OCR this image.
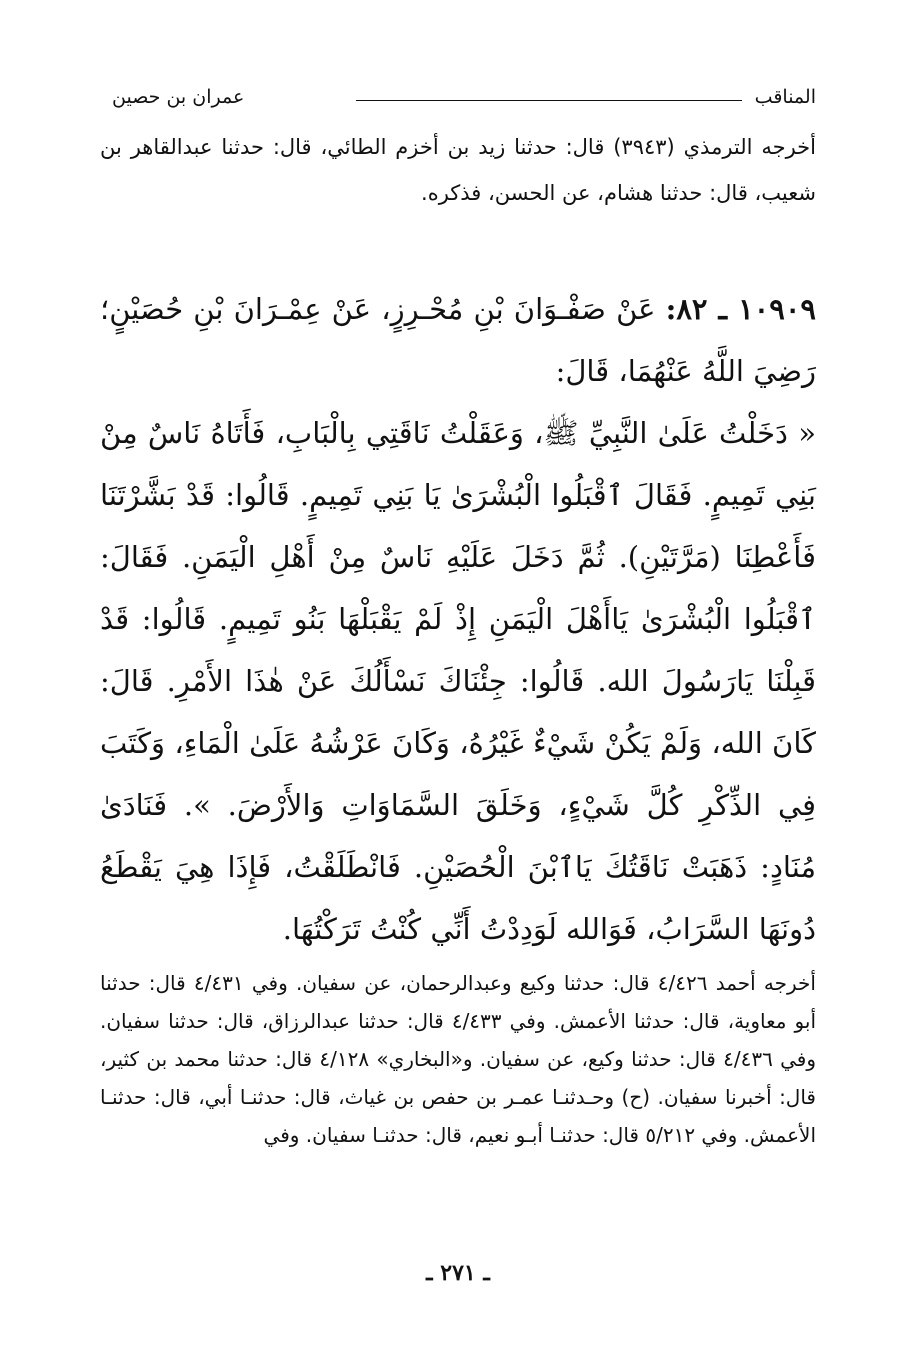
المناقب
عمران بن حصين

أخرجه الترمذي (٣٩٤٣) قال: حدثنا زيد بن أخزم الطائي، قال: حدثنا عبدالقاهر بن شعيب، قال: حدثنا هشام، عن الحسن، فذكره.

١٠٩٠٩ ـ ٨٢: عَنْ صَفْـوَانَ بْنِ مُحْـرِزٍ، عَنْ عِمْـرَانَ بْنِ حُصَيْنٍ؛ رَضِيَ اللَّهُ عَنْهُمَا، قَالَ:

« دَخَلْتُ عَلَىٰ النَّبِيِّ ﷺ، وَعَقَلْتُ نَاقَتِي بِالْبَابِ، فَأَتَاهُ نَاسٌ مِنْ بَنِي تَمِيمٍ. فَقَالَ ٱقْبَلُوا الْبُشْرَىٰ يَا بَنِي تَمِيمٍ. قَالُوا: قَدْ بَشَّرْتَنَا فَأَعْطِنَا (مَرَّتَيْنِ). ثُمَّ دَخَلَ عَلَيْهِ نَاسٌ مِنْ أَهْلِ الْيَمَنِ. فَقَالَ: ٱقْبَلُوا الْبُشْرَىٰ يَاأَهْلَ الْيَمَنِ إِذْ لَمْ يَقْبَلْهَا بَنُو تَمِيمٍ. قَالُوا: قَدْ قَبِلْنَا يَارَسُولَ الله. قَالُوا: جِئْنَاكَ نَسْأَلُكَ عَنْ هٰذَا الأَمْرِ. قَالَ: كَانَ الله، وَلَمْ يَكُنْ شَيْءٌ غَيْرُهُ، وَكَانَ عَرْشُهُ عَلَىٰ الْمَاءِ، وَكَتَبَ فِي الذِّكْرِ كُلَّ شَيْءٍ، وَخَلَقَ السَّمَاوَاتِ وَالأَرْضَ. ». فَنَادَىٰ مُنَادٍ: ذَهَبَتْ نَاقَتُكَ يَاٱبْنَ الْحُصَيْنِ. فَانْطَلَقْتُ، فَإِذَا هِيَ يَقْطَعُ دُونَهَا السَّرَابُ، فَوَالله لَوَدِدْتُ أَنِّي كُنْتُ تَرَكْتُهَا.

أخرجه أحمد ٤/٤٢٦ قال: حدثنا وكيع وعبدالرحمان، عن سفيان. وفي ٤/٤٣١ قال: حدثنا أبو معاوية، قال: حدثنا الأعمش. وفي ٤/٤٣٣ قال: حدثنا عبدالرزاق، قال: حدثنا سفيان. وفي ٤/٤٣٦ قال: حدثنا وكيع، عن سفيان. و«البخاري» ٤/١٢٨ قال: حدثنا محمد بن كثير، قال: أخبرنا سفيان. (ح) وحـدثنـا عمـر بن حفص بن غياث، قال: حدثنـا أبي، قال: حدثنـا الأعمش. وفي ٥/٢١٢ قال: حدثنـا أبـو نعيم، قال: حدثنـا سفيان. وفي

ـ ٢٧١ ـ
